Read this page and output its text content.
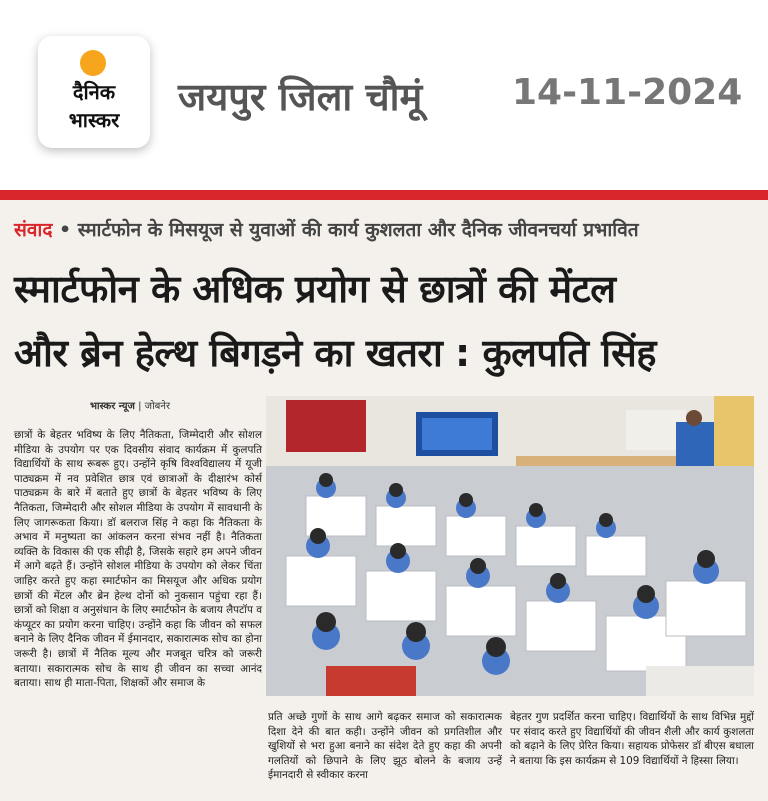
दैनिक
भास्कर
जयपुर जिला चौमूं 14-11-2024
संवाद • स्मार्टफोन के मिसयूज से युवाओं की कार्य कुशलता और दैनिक जीवनचर्या प्रभावित
स्मार्टफोन के अधिक प्रयोग से छात्रों की मेंटल
और ब्रेन हेल्थ बिगड़ने का खतरा : कुलपति सिंह
भास्कर न्यूज | जोबनेर
छात्रों के बेहतर भविष्य के लिए नैतिकता, जिम्मेदारी और सोशल मीडिया के उपयोग पर एक दिवसीय संवाद कार्यक्रम में कुलपति विद्यार्थियों के साथ रूबरू हुए। उन्होंने कृषि विश्वविद्यालय में यूजी पाठ्यक्रम में नव प्रवेशित छात्र एवं छात्राओं के दीक्षारंभ कोर्स पाठ्यक्रम के बारे में बताते हुए छात्रों के बेहतर भविष्य के लिए नैतिकता, जिम्मेदारी और सोशल मीडिया के उपयोग में सावधानी के लिए जागरूकता किया। डॉ बलराज सिंह ने कहा कि नैतिकता के अभाव में मनुष्यता का आंकलन करना संभव नहीं है। नैतिकता व्यक्ति के विकास की एक सीढ़ी है, जिसके सहारे हम अपने जीवन में आगे बढ़ते हैं। उन्होंने सोशल मीडिया के उपयोग को लेकर चिंता जाहिर करते हुए कहा स्मार्टफोन का मिसयूज और अधिक प्रयोग छात्रों की मेंटल और ब्रेन हेल्थ दोनों को नुकसान पहुंचा रहा हैं। छात्रों को शिक्षा व अनुसंधान के लिए स्मार्टफोन के बजाय लैपटॉप व कंप्यूटर का प्रयोग करना चाहिए। उन्होंने कहा कि जीवन को सफल बनाने के लिए दैनिक जीवन में ईमानदार, सकारात्मक सोच का होना जरूरी है। छात्रों में नैतिक मूल्य और मजबूत चरित्र को जरूरी बताया। सकारात्मक सोच के साथ ही जीवन का सच्चा आनंद बताया। साथ ही माता-पिता, शिक्षकों और समाज के
प्रति अच्छे गुणों के साथ आगे बढ़कर समाज को सकारात्मक दिशा देने की बात कही। उन्होंने जीवन को प्रगतिशील और खुशियों से भरा हुआ बनाने का संदेश देते हुए कहा की अपनी गलतियों को छिपाने के लिए झूठ बोलने के बजाय उन्हें ईमानदारी से स्वीकार करना
बेहतर गुण प्रदर्शित करना चाहिए। विद्यार्थियों के साथ विभिन्न मुद्दों पर संवाद करते हुए विद्यार्थियों की जीवन शैली और कार्य कुशलता को बढ़ाने के लिए प्रेरित किया। सहायक प्रोफेसर डॉ बीएस बधाला ने बताया कि इस कार्यक्रम से 109 विद्यार्थियों ने हिस्सा लिया।
